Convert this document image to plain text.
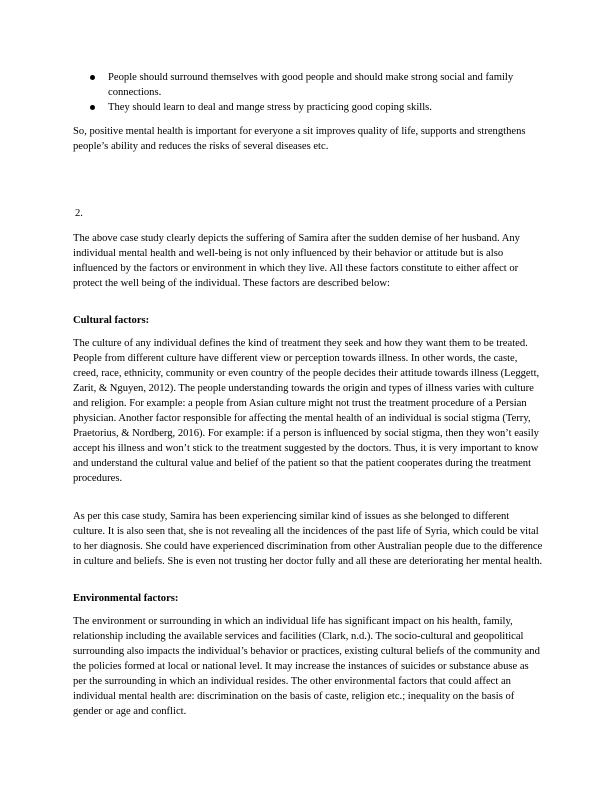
People should surround themselves with good people and should make strong social and family connections.
They should learn to deal and mange stress by practicing good coping skills.

So, positive mental health is important for everyone a sit improves quality of life, supports and strengthens people’s ability and reduces the risks of several diseases etc.

2.

The above case study clearly depicts the suffering of Samira after the sudden demise of her husband. Any individual mental health and well-being is not only influenced by their behavior or attitude but is also influenced by the factors or environment in which they live. All these factors constitute to either affect or protect the well being of the individual. These factors are described below:

Cultural factors:

The culture of any individual defines the kind of treatment they seek and how they want them to be treated. People from different culture have different view or perception towards illness. In other words, the caste, creed, race, ethnicity, community or even country of the people decides their attitude towards illness (Leggett, Zarit, & Nguyen, 2012). The people understanding towards the origin and types of illness varies with culture and religion. For example: a people from Asian culture might not trust the treatment procedure of a Persian physician. Another factor responsible for affecting the mental health of an individual is social stigma (Terry, Praetorius, & Nordberg, 2016). For example: if a person is influenced by social stigma, then they won’t easily accept his illness and won’t stick to the treatment suggested by the doctors. Thus, it is very important to know and understand the cultural value and belief of the patient so that the patient cooperates during the treatment procedures.

As per this case study, Samira has been experiencing similar kind of issues as she belonged to different culture. It is also seen that, she is not revealing all the incidences of the past life of Syria, which could be vital to her diagnosis. She could have experienced discrimination from other Australian people due to the difference in culture and beliefs. She is even not trusting her doctor fully and all these are deteriorating her mental health.

Environmental factors:

The environment or surrounding in which an individual life has significant impact on his health, family, relationship including the available services and facilities (Clark, n.d.). The socio-cultural and geopolitical surrounding also impacts the individual’s behavior or practices, existing cultural beliefs of the community and the policies formed at local or national level. It may increase the instances of suicides or substance abuse as per the surrounding in which an individual resides. The other environmental factors that could affect an individual mental health are: discrimination on the basis of caste, religion etc.; inequality on the basis of gender or age and conflict.
